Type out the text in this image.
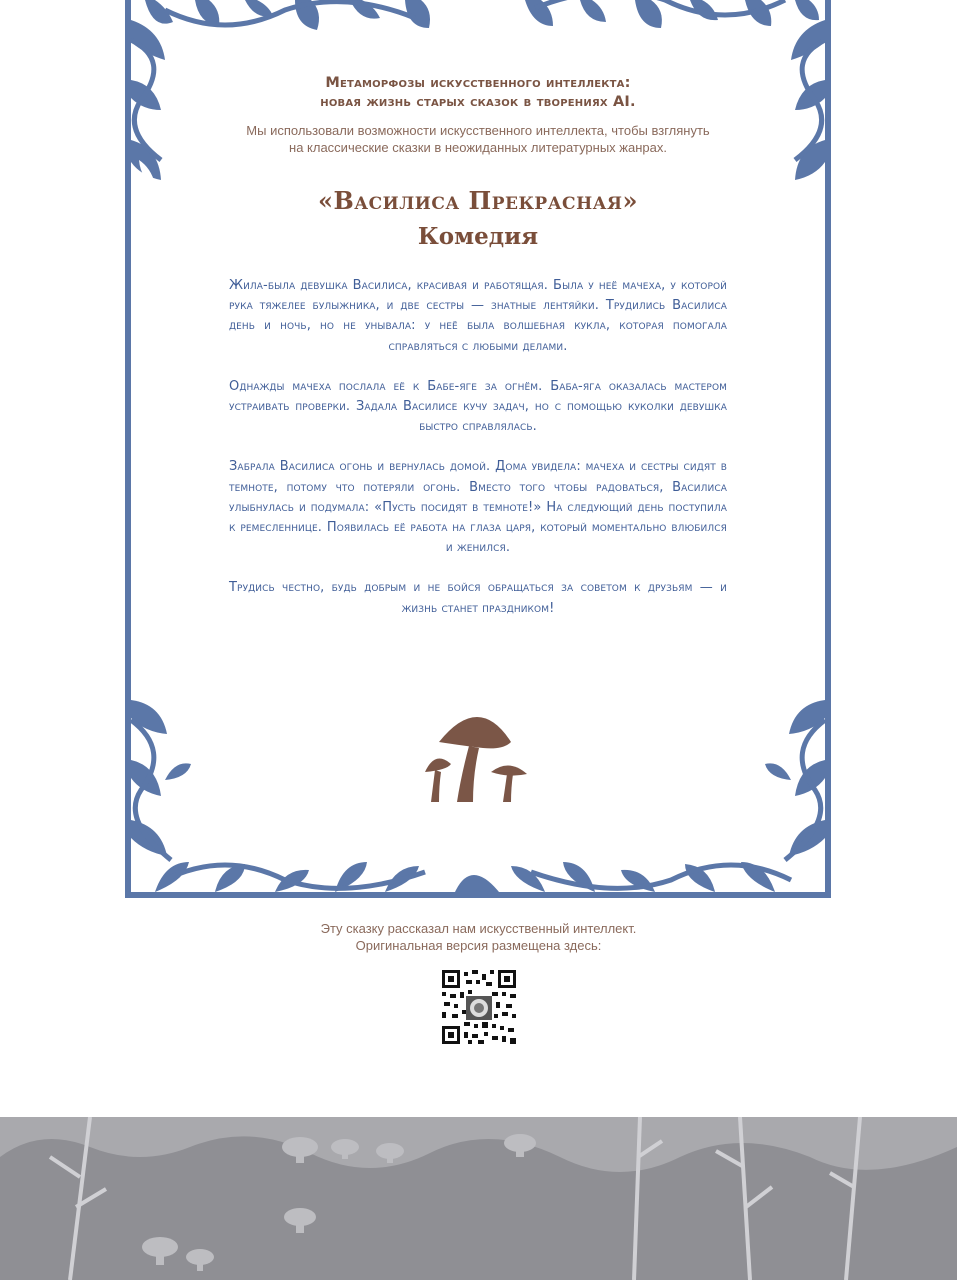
Метаморфозы искусственного интеллекта:
новая жизнь старых сказок в творениях AI.
Мы использовали возможности искусственного интеллекта, чтобы взглянуть
на классические сказки в неожиданных литературных жанрах.
«Василиса Прекрасная»
Комедия

Жила-была девушка Василиса, красивая и работящая. Была у неё мачеха, у которой рука тяжелее булыжника, и две сестры — знатные лентяйки. Трудились Василиса день и ночь, но не унывала: у неё была волшебная кукла, которая помогала справляться с любыми делами.

Однажды мачеха послала её к Бабе-яге за огнём. Баба-яга оказалась мастером устраивать проверки. Задала Василисе кучу задач, но с помощью куколки девушка быстро справлялась.

Забрала Василиса огонь и вернулась домой. Дома увидела: мачеха и сестры сидят в темноте, потому что потеряли огонь. Вместо того чтобы радоваться, Василиса улыбнулась и подумала: «Пусть посидят в темноте!» На следующий день поступила к ремесленнице. Появилась её работа на глаза царя, который моментально влюбился и женился.

Трудись честно, будь добрым и не бойся обращаться за советом к друзьям — и жизнь станет праздником!

Эту сказку рассказал нам искусственный интеллект.
Оригинальная версия размещена здесь:
